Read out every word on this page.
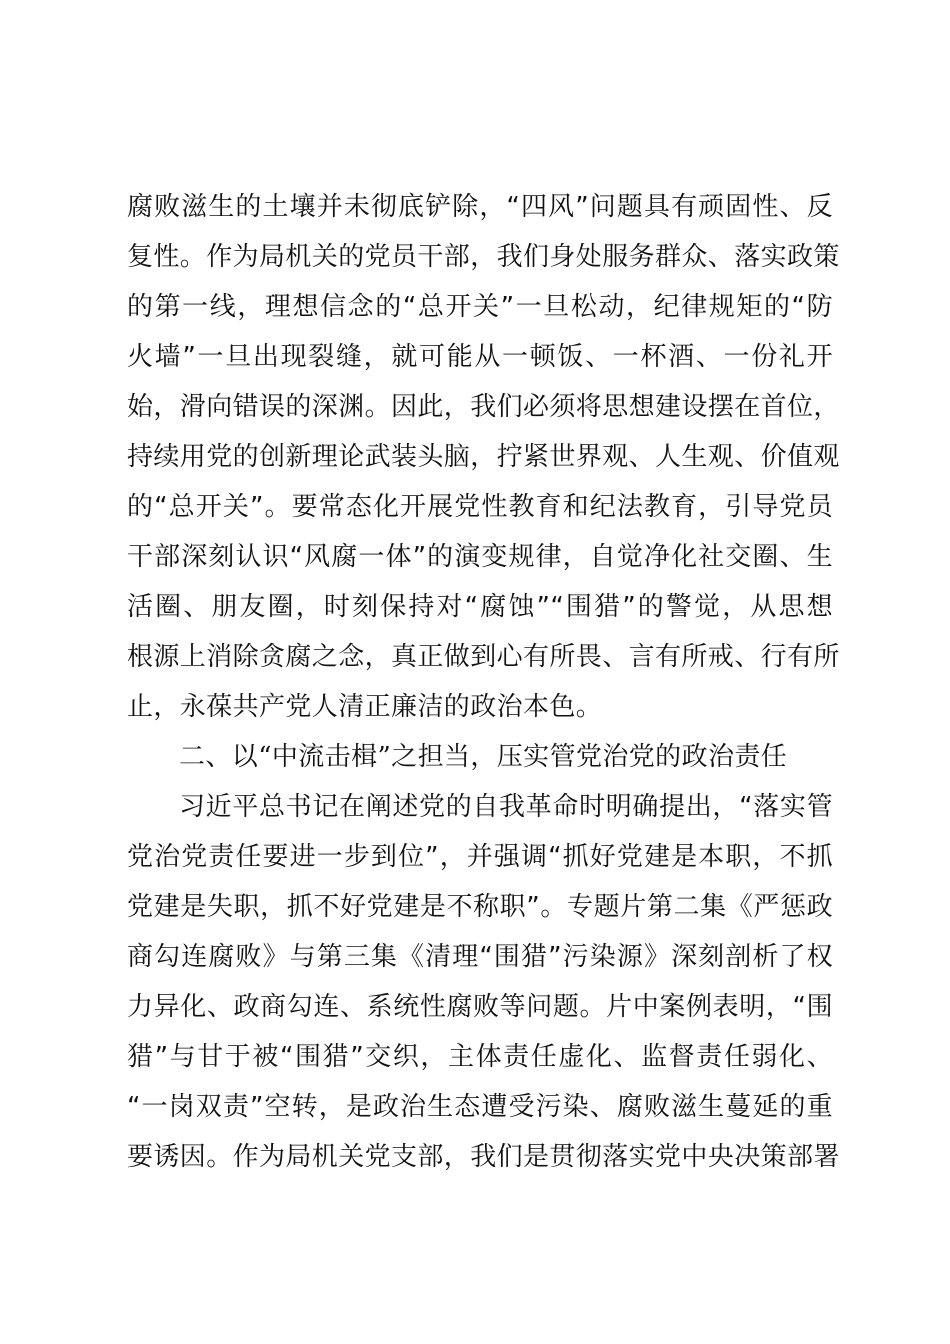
腐败滋生的土壤并未彻底铲除，“四风”问题具有顽固性、反
复性。作为局机关的党员干部，我们身处服务群众、落实政策
的第一线，理想信念的“总开关”一旦松动，纪律规矩的“防
火墙”一旦出现裂缝，就可能从一顿饭、一杯酒、一份礼开
始，滑向错误的深渊。因此，我们必须将思想建设摆在首位，
持续用党的创新理论武装头脑，拧紧世界观、人生观、价值观
的“总开关”。要常态化开展党性教育和纪法教育，引导党员
干部深刻认识“风腐一体”的演变规律，自觉净化社交圈、生
活圈、朋友圈，时刻保持对“腐蚀”“围猎”的警觉，从思想
根源上消除贪腐之念，真正做到心有所畏、言有所戒、行有所
止，永葆共产党人清正廉洁的政治本色。
二、以“中流击楫”之担当，压实管党治党的政治责任
习近平总书记在阐述党的自我革命时明确提出，“落实管
党治党责任要进一步到位”，并强调“抓好党建是本职，不抓
党建是失职，抓不好党建是不称职”。专题片第二集《严惩政
商勾连腐败》与第三集《清理“围猎”污染源》深刻剖析了权
力异化、政商勾连、系统性腐败等问题。片中案例表明，“围
猎”与甘于被“围猎”交织，主体责任虚化、监督责任弱化、
“一岗双责”空转，是政治生态遭受污染、腐败滋生蔓延的重
要诱因。作为局机关党支部，我们是贯彻落实党中央决策部署
